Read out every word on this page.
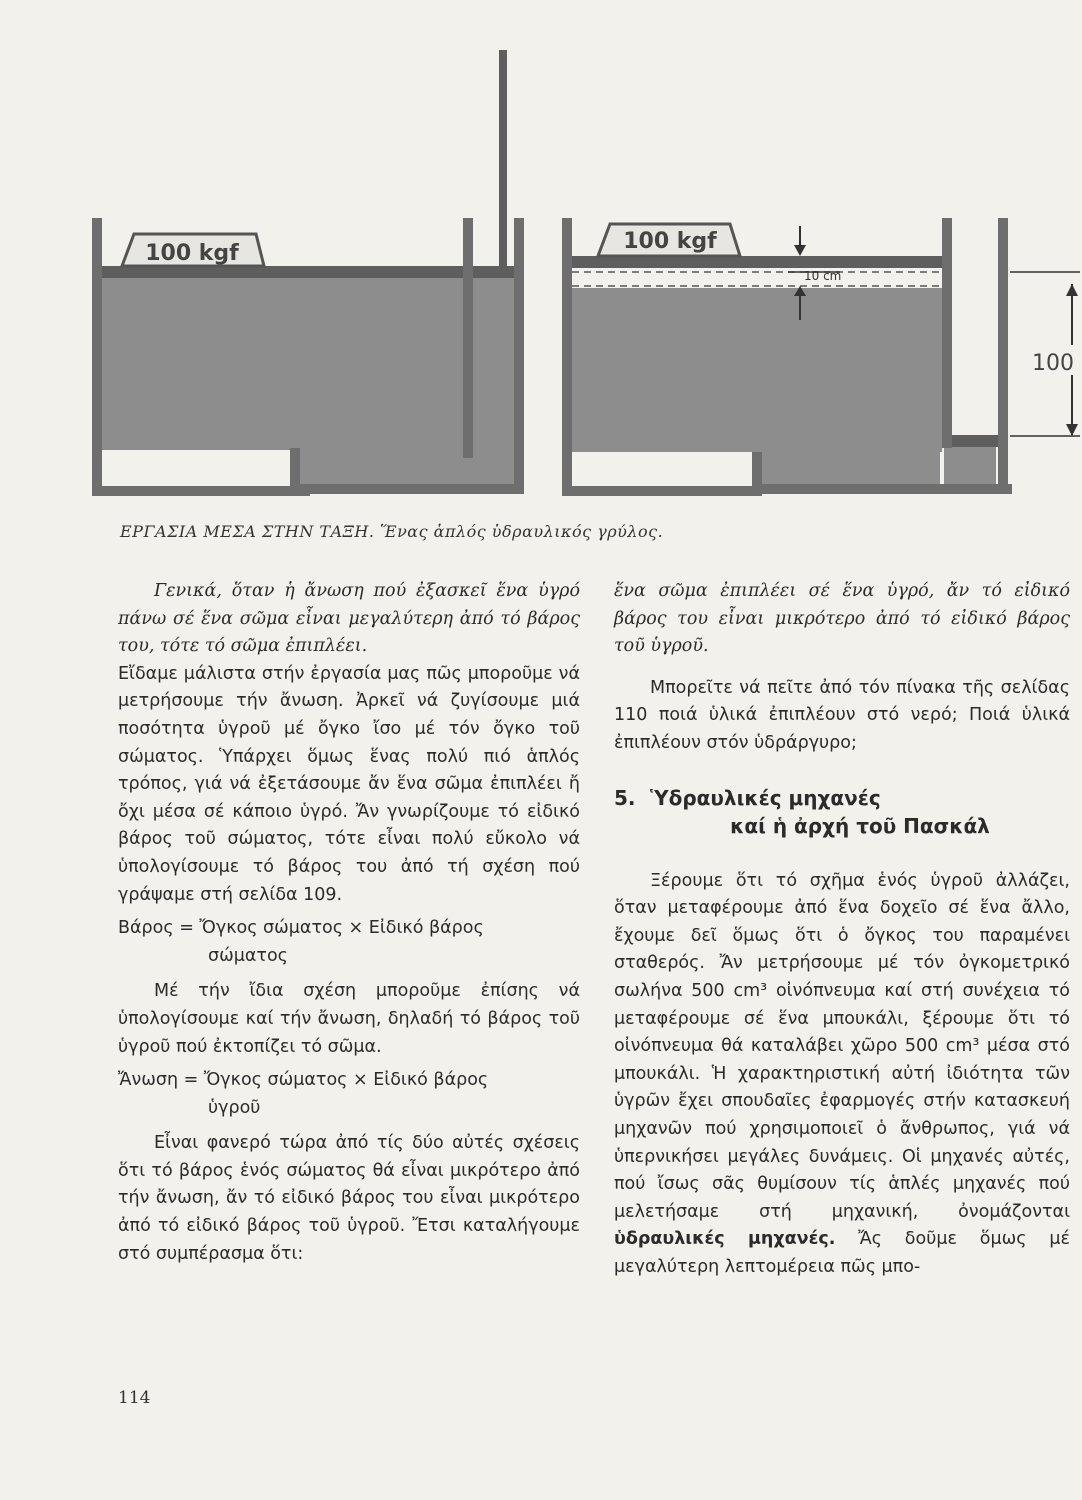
100 kgf	100 kgf
10 cm
100
ΕΡΓΑΣΙΑ ΜΕΣΑ ΣΤΗΝ ΤΑΞΗ. Ἕνας ἁπλός ὑδραυλικός γρύλος.

Γενικά, ὅταν ἡ ἄνωση πού ἐξασκεῖ ἕνα ὑγρό πάνω σέ ἕνα σῶμα εἶναι μεγαλύτερη ἀπό τό βάρος του, τότε τό σῶμα ἐπιπλέει.

Εἴδαμε μάλιστα στήν ἐργασία μας πῶς μποροῦμε νά μετρήσουμε τήν ἄνωση. Ἀρκεῖ νά ζυγίσουμε μιά ποσότητα ὑγροῦ μέ ὄγκο ἴσο μέ τόν ὄγκο τοῦ σώματος. Ὑπάρχει ὅμως ἕνας πολύ πιό ἁπλός τρόπος, γιά νά ἐξετάσουμε ἄν ἕνα σῶμα ἐπιπλέει ἤ ὄχι μέσα σέ κάποιο ὑγρό. Ἄν γνωρίζουμε τό εἰδικό βάρος τοῦ σώματος, τότε εἶναι πολύ εὔκολο νά ὑπολογίσουμε τό βάρος του ἀπό τή σχέση πού γράψαμε στή σελίδα 109.

Βάρος = Ὄγκος σώματος × Εἰδικό βάρος
σώματος

Μέ τήν ἴδια σχέση μποροῦμε ἐπίσης νά ὑπολογίσουμε καί τήν ἄνωση, δηλαδή τό βάρος τοῦ ὑγροῦ πού ἐκτοπίζει τό σῶμα.

Ἄνωση = Ὄγκος σώματος × Εἰδικό βάρος
ὑγροῦ

Εἶναι φανερό τώρα ἀπό τίς δύο αὐτές σχέσεις ὅτι τό βάρος ἑνός σώματος θά εἶναι μικρότερο ἀπό τήν ἄνωση, ἄν τό εἰδικό βάρος του εἶναι μικρότερο ἀπό τό εἰδικό βάρος τοῦ ὑγροῦ. Ἔτσι καταλήγουμε στό συμπέρασμα ὅτι:

ἕνα σῶμα ἐπιπλέει σέ ἕνα ὑγρό, ἄν τό εἰδικό βάρος του εἶναι μικρότερο ἀπό τό εἰδικό βάρος τοῦ ὑγροῦ.

Μπορεῖτε νά πεῖτε ἀπό τόν πίνακα τῆς σελίδας 110 ποιά ὑλικά ἐπιπλέουν στό νερό; Ποιά ὑλικά ἐπιπλέουν στόν ὑδράργυρο;

5. Ὑδραυλικές μηχανές
καί ἡ ἀρχή τοῦ Πασκάλ

Ξέρουμε ὅτι τό σχῆμα ἑνός ὑγροῦ ἀλλάζει, ὅταν μεταφέρουμε ἀπό ἕνα δοχεῖο σέ ἕνα ἄλλο, ἔχουμε δεῖ ὅμως ὅτι ὁ ὄγκος του παραμένει σταθερός. Ἄν μετρήσουμε μέ τόν ὀγκομετρικό σωλήνα 500 cm³ οἰνόπνευμα καί στή συνέχεια τό μεταφέρουμε σέ ἕνα μπουκάλι, ξέρουμε ὅτι τό οἰνόπνευμα θά καταλάβει χῶρο 500 cm³ μέσα στό μπουκάλι. Ἡ χαρακτηριστική αὐτή ἰδιότητα τῶν ὑγρῶν ἔχει σπουδαῖες ἐφαρμογές στήν κατασκευή μηχανῶν πού χρησιμοποιεῖ ὁ ἄνθρωπος, γιά νά ὑπερνικήσει μεγάλες δυνάμεις. Οἱ μηχανές αὐτές, πού ἴσως σᾶς θυμίσουν τίς ἁπλές μηχανές πού μελετήσαμε στή μηχανική, ὀνομάζονται ὑδραυλικές μηχανές. Ἄς δοῦμε ὅμως μέ μεγαλύτερη λεπτομέρεια πῶς μπο-

114
